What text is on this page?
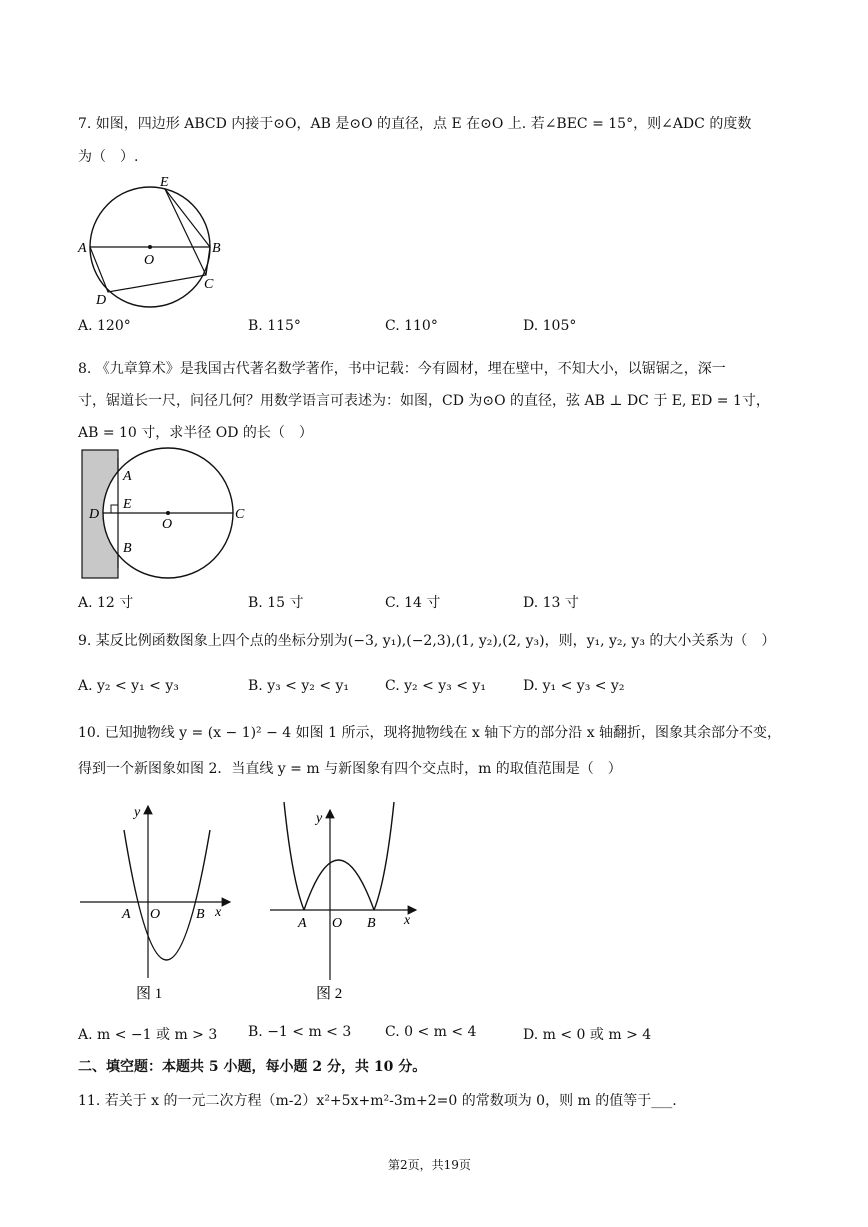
7. 如图，四边形 ABCD 内接于⊙O，AB 是⊙O 的直径，点 E 在⊙O 上. 若∠BEC = 15°，则∠ADC 的度数
为（　）.
E
A
O
B
D
C
A. 120°	B. 115°	C. 110°	D. 105°
8. 《九章算术》是我国古代著名数学著作，书中记载：今有圆材，埋在壁中，不知大小，以锯锯之，深一
寸，锯道长一尺，问径几何？用数学语言可表述为：如图，CD 为⊙O 的直径，弦 AB ⊥ DC 于 E, ED = 1寸，
AB = 10 寸，求半径 OD 的长（　）
A
E
D
O
C
B
A. 12 寸	B. 15 寸	C. 14 寸	D. 13 寸
9. 某反比例函数图象上四个点的坐标分别为(−3, y₁),(−2,3),(1, y₂),(2, y₃)，则，y₁, y₂, y₃ 的大小关系为（　）
A. y₂ < y₁ < y₃	B. y₃ < y₂ < y₁	C. y₂ < y₃ < y₁	D. y₁ < y₃ < y₂
10. 已知抛物线 y = (x − 1)² − 4 如图 1 所示，现将抛物线在 x 轴下方的部分沿 x 轴翻折，图象其余部分不变，
得到一个新图象如图 2．当直线 y = m 与新图象有四个交点时，m 的取值范围是（　）
y
A O	B x
图 1
y
A O B x
图 2
A. m < −1 或 m > 3 B. −1 < m < 3 C. 0 < m < 4	D. m < 0 或 m > 4
二、填空题：本题共 5 小题，每小题 2 分，共 10 分。
11. 若关于 x 的一元二次方程（m-2）x²+5x+m²-3m+2=0 的常数项为 0，则 m 的值等于___.
第2页，共19页
